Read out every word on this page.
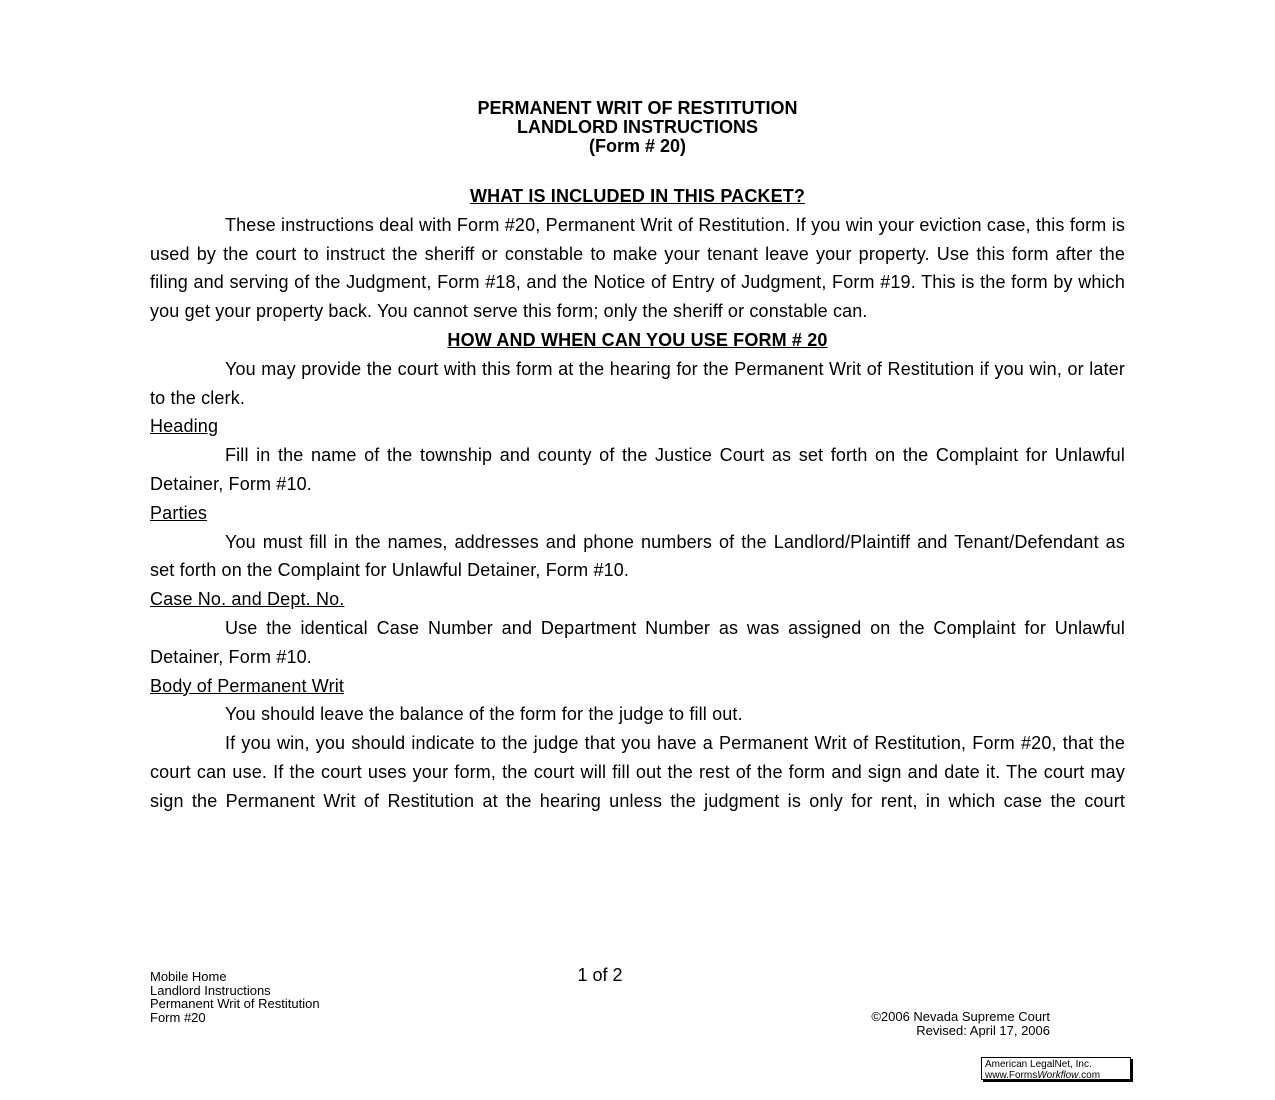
PERMANENT WRIT OF RESTITUTION
LANDLORD INSTRUCTIONS
(Form # 20)
WHAT IS INCLUDED IN THIS PACKET?

These instructions deal with Form #20, Permanent Writ of Restitution. If you win your eviction case, this form is used by the court to instruct the sheriff or constable to make your tenant leave your property. Use this form after the filing and serving of the Judgment, Form #18, and the Notice of Entry of Judgment, Form #19. This is the form by which you get your property back. You cannot serve this form; only the sheriff or constable can.

HOW AND WHEN CAN YOU USE FORM # 20

You may provide the court with this form at the hearing for the Permanent Writ of Restitution if you win, or later to the clerk.

Heading

Fill in the name of the township and county of the Justice Court as set forth on the Complaint for Unlawful Detainer, Form #10.

Parties

You must fill in the names, addresses and phone numbers of the Landlord/Plaintiff and Tenant/Defendant as set forth on the Complaint for Unlawful Detainer, Form #10.

Case No. and Dept. No.

Use the identical Case Number and Department Number as was assigned on the Complaint for Unlawful Detainer, Form #10.

Body of Permanent Writ

You should leave the balance of the form for the judge to fill out.

If you win, you should indicate to the judge that you have a Permanent Writ of Restitution, Form #20, that the court can use. If the court uses your form, the court will fill out the rest of the form and sign and date it. The court may sign the Permanent Writ of Restitution at the hearing unless the judgment is only for rent, in which case the court

Mobile Home
Landlord Instructions
Permanent Writ of Restitution
Form #20
1 of 2
©2006 Nevada Supreme Court
Revised: April 17, 2006
American LegalNet, Inc.
www.FormsWorkflow.com
